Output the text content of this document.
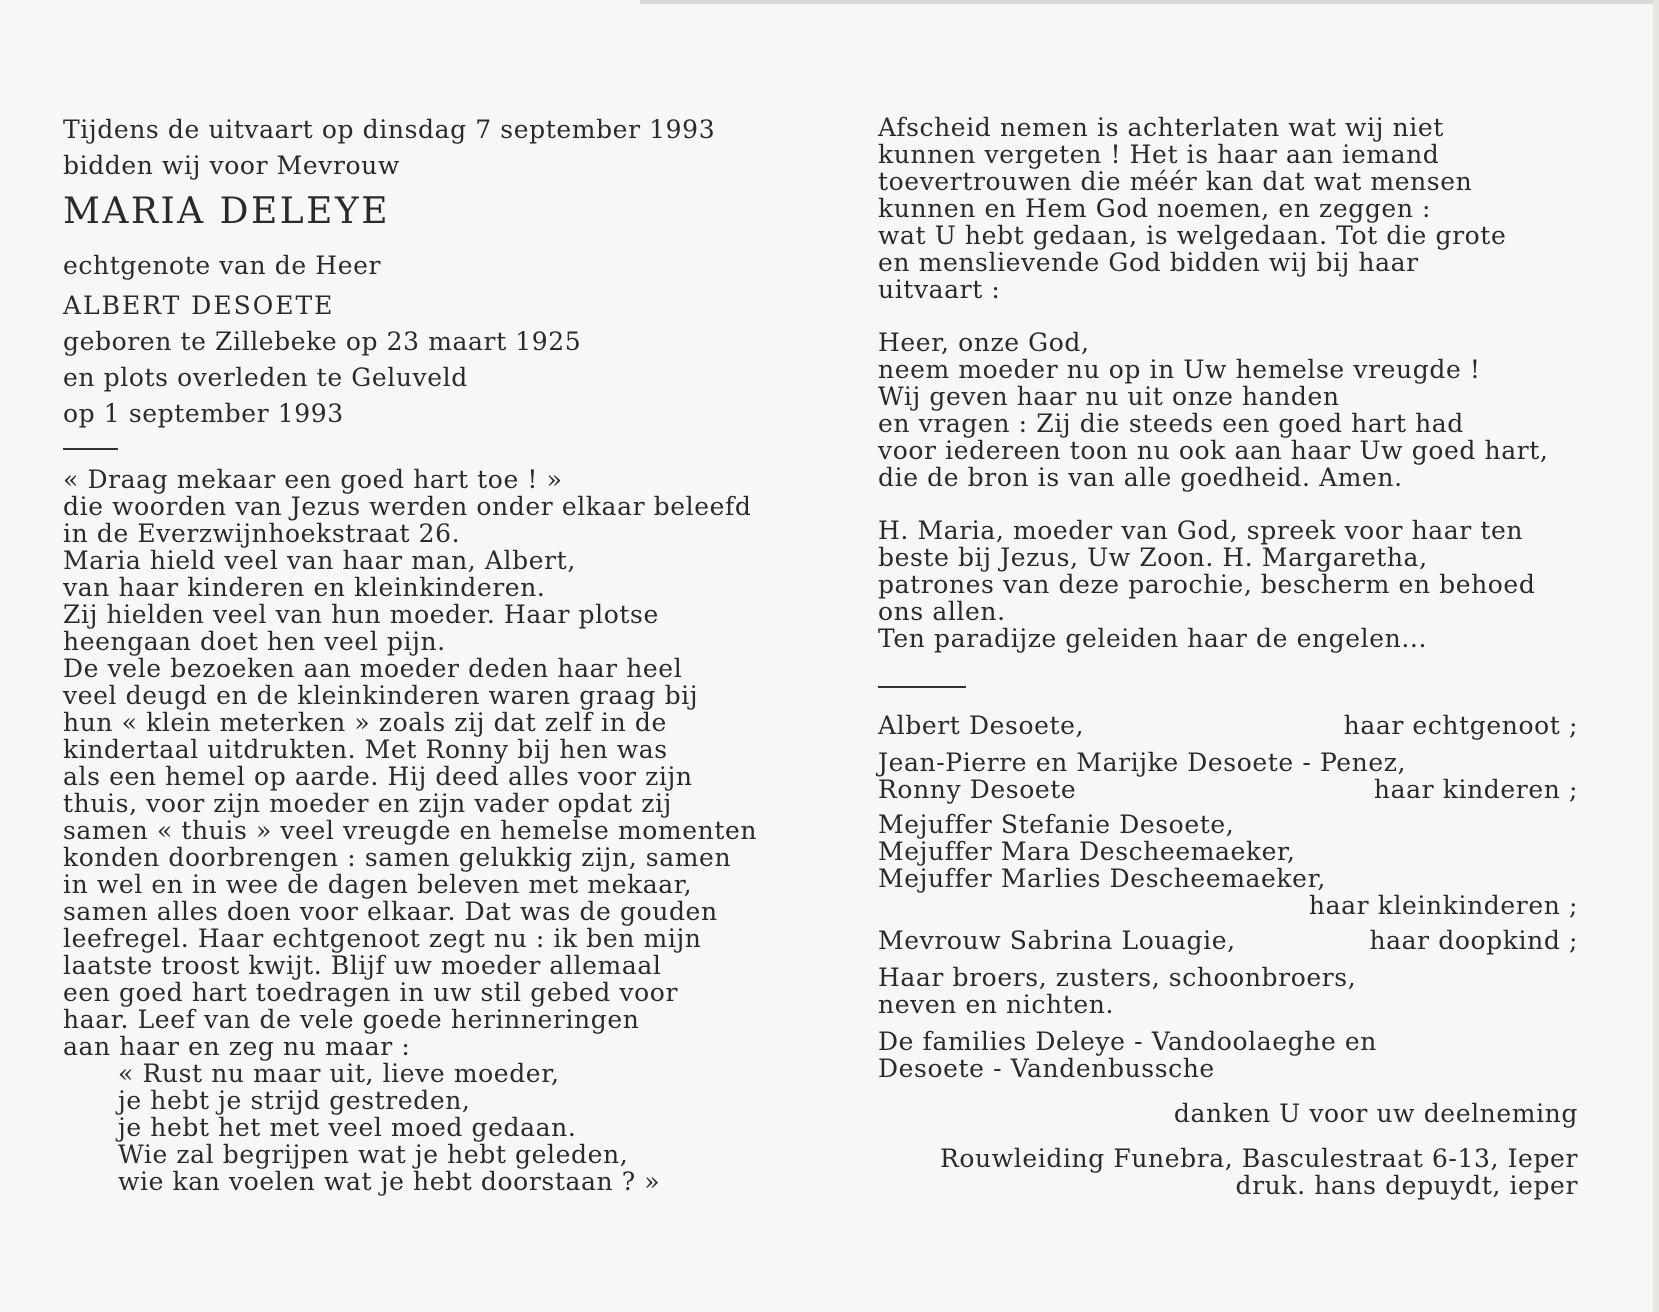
Tijdens de uitvaart op dinsdag 7 september 1993
bidden wij voor Mevrouw
MARIA DELEYE
echtgenote van de Heer
ALBERT DESOETE
geboren te Zillebeke op 23 maart 1925
en plots overleden te Geluveld
op 1 september 1993
« Draag mekaar een goed hart toe ! »
die woorden van Jezus werden onder elkaar beleefd
in de Everzwijnhoekstraat 26.
Maria hield veel van haar man, Albert,
van haar kinderen en kleinkinderen.
Zij hielden veel van hun moeder. Haar plotse
heengaan doet hen veel pijn.
De vele bezoeken aan moeder deden haar heel
veel deugd en de kleinkinderen waren graag bij
hun « klein meterken » zoals zij dat zelf in de
kindertaal uitdrukten. Met Ronny bij hen was
als een hemel op aarde. Hij deed alles voor zijn
thuis, voor zijn moeder en zijn vader opdat zij
samen « thuis » veel vreugde en hemelse momenten
konden doorbrengen : samen gelukkig zijn, samen
in wel en in wee de dagen beleven met mekaar,
samen alles doen voor elkaar. Dat was de gouden
leefregel. Haar echtgenoot zegt nu : ik ben mijn
laatste troost kwijt. Blijf uw moeder allemaal
een goed hart toedragen in uw stil gebed voor
haar. Leef van de vele goede herinneringen
aan haar en zeg nu maar :
« Rust nu maar uit, lieve moeder,
je hebt je strijd gestreden,
je hebt het met veel moed gedaan.
Wie zal begrijpen wat je hebt geleden,
wie kan voelen wat je hebt doorstaan ? »
Afscheid nemen is achterlaten wat wij niet
kunnen vergeten ! Het is haar aan iemand
toevertrouwen die méér kan dat wat mensen
kunnen en Hem God noemen, en zeggen :
wat U hebt gedaan, is welgedaan. Tot die grote
en menslievende God bidden wij bij haar
uitvaart :
Heer, onze God,
neem moeder nu op in Uw hemelse vreugde !
Wij geven haar nu uit onze handen
en vragen : Zij die steeds een goed hart had
voor iedereen toon nu ook aan haar Uw goed hart,
die de bron is van alle goedheid. Amen.
H. Maria, moeder van God, spreek voor haar ten
beste bij Jezus, Uw Zoon. H. Margaretha,
patrones van deze parochie, bescherm en behoed
ons allen.
Ten paradijze geleiden haar de engelen...
Albert Desoete,	haar echtgenoot ;
Jean-Pierre en Marijke Desoete - Penez,
Ronny Desoete	haar kinderen ;
Mejuffer Stefanie Desoete,
Mejuffer Mara Descheemaeker,
Mejuffer Marlies Descheemaeker,
haar kleinkinderen ;
Mevrouw Sabrina Louagie,	haar doopkind ;
Haar broers, zusters, schoonbroers,
neven en nichten.
De families Deleye - Vandoolaeghe en
Desoete - Vandenbussche
danken U voor uw deelneming
Rouwleiding Funebra, Basculestraat 6-13, Ieper
druk. hans depuydt, ieper
